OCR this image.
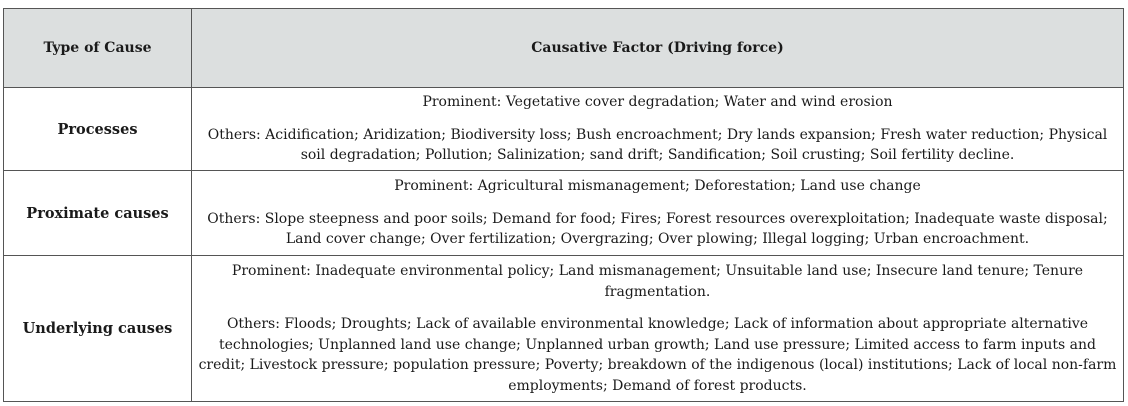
Type of Cause	Causative Factor (Driving force)
Processes	Prominent: Vegetative cover degradation; Water and wind erosion

Others: Acidification; Aridization; Biodiversity loss; Bush encroachment; Dry lands expansion; Fresh water reduction; Physical soil degradation; Pollution; Salinization; sand drift; Sandification; Soil crusting; Soil fertility decline.

Proximate causes	Prominent: Agricultural mismanagement; Deforestation; Land use change

Others: Slope steepness and poor soils; Demand for food; Fires; Forest resources overexploitation; Inadequate waste disposal; Land cover change; Over fertilization; Overgrazing; Over plowing; Illegal logging; Urban encroachment.

Underlying causes	Prominent: Inadequate environmental policy; Land mismanagement; Unsuitable land use; Insecure land tenure; Tenure fragmentation.

Others: Floods; Droughts; Lack of available environmental knowledge; Lack of information about appropriate alternative technologies; Unplanned land use change; Unplanned urban growth; Land use pressure; Limited access to farm inputs and credit; Livestock pressure; population pressure; Poverty; breakdown of the indigenous (local) institutions; Lack of local non-farm employments; Demand of forest products.
